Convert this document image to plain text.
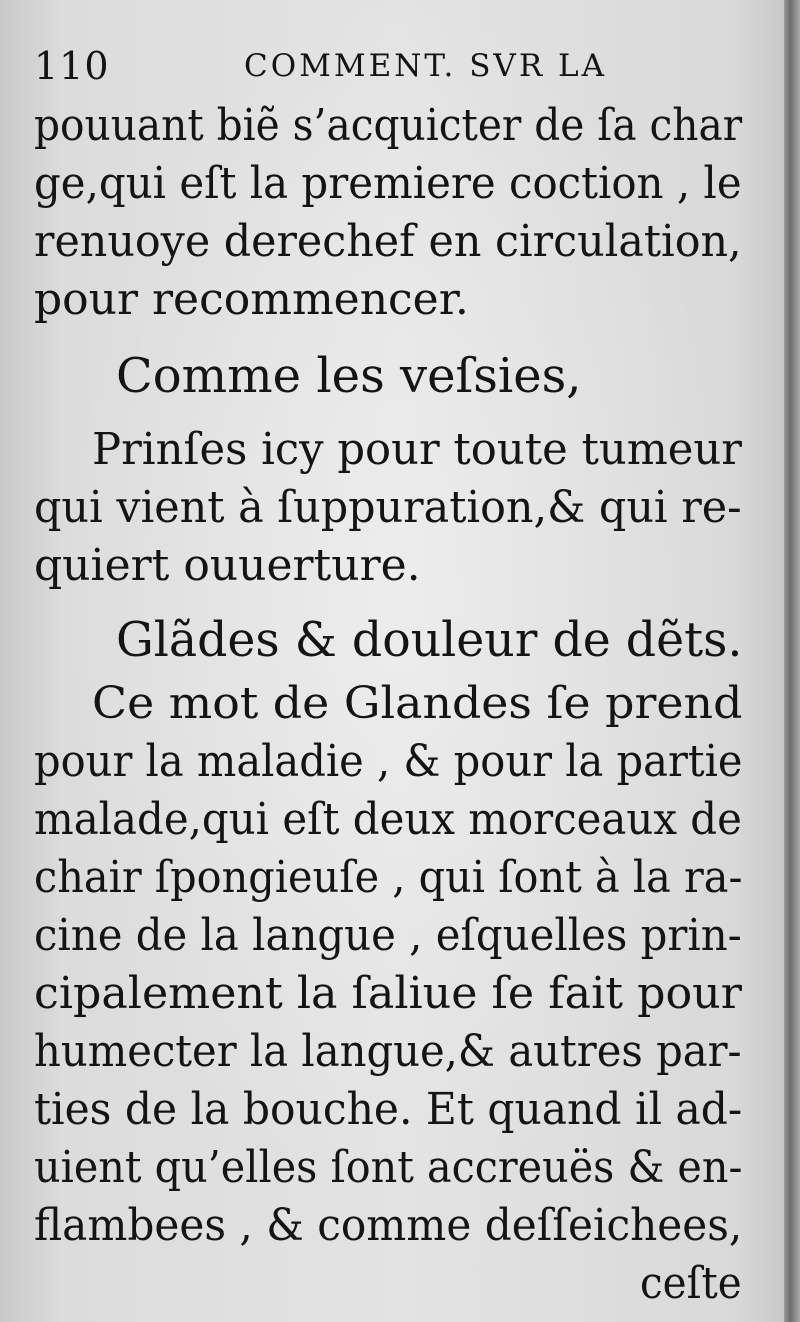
110	COMMENT. SVR LA
pouuant biẽ s’acquicter de ſa char
ge,qui eſt la premiere coction , le
renuoye derechef en circulation,
pour recommencer.
Comme les veſsies,
Prinſes icy pour toute tumeur
qui vient à ſuppuration,& qui re-
quiert ouuerture.
Glãdes & douleur de dẽts.
Ce mot de Glandes ſe prend
pour la maladie , & pour la partie
malade,qui eſt deux morceaux de
chair ſpongieuſe , qui ſont à la ra-
cine de la langue , eſquelles prin-
cipalement la ſaliue ſe fait pour
humecter la langue,& autres par-
ties de la bouche. Et quand il ad-
uient qu’elles ſont accreuës & en-
flambees , & comme deſſeichees,
ceſte
